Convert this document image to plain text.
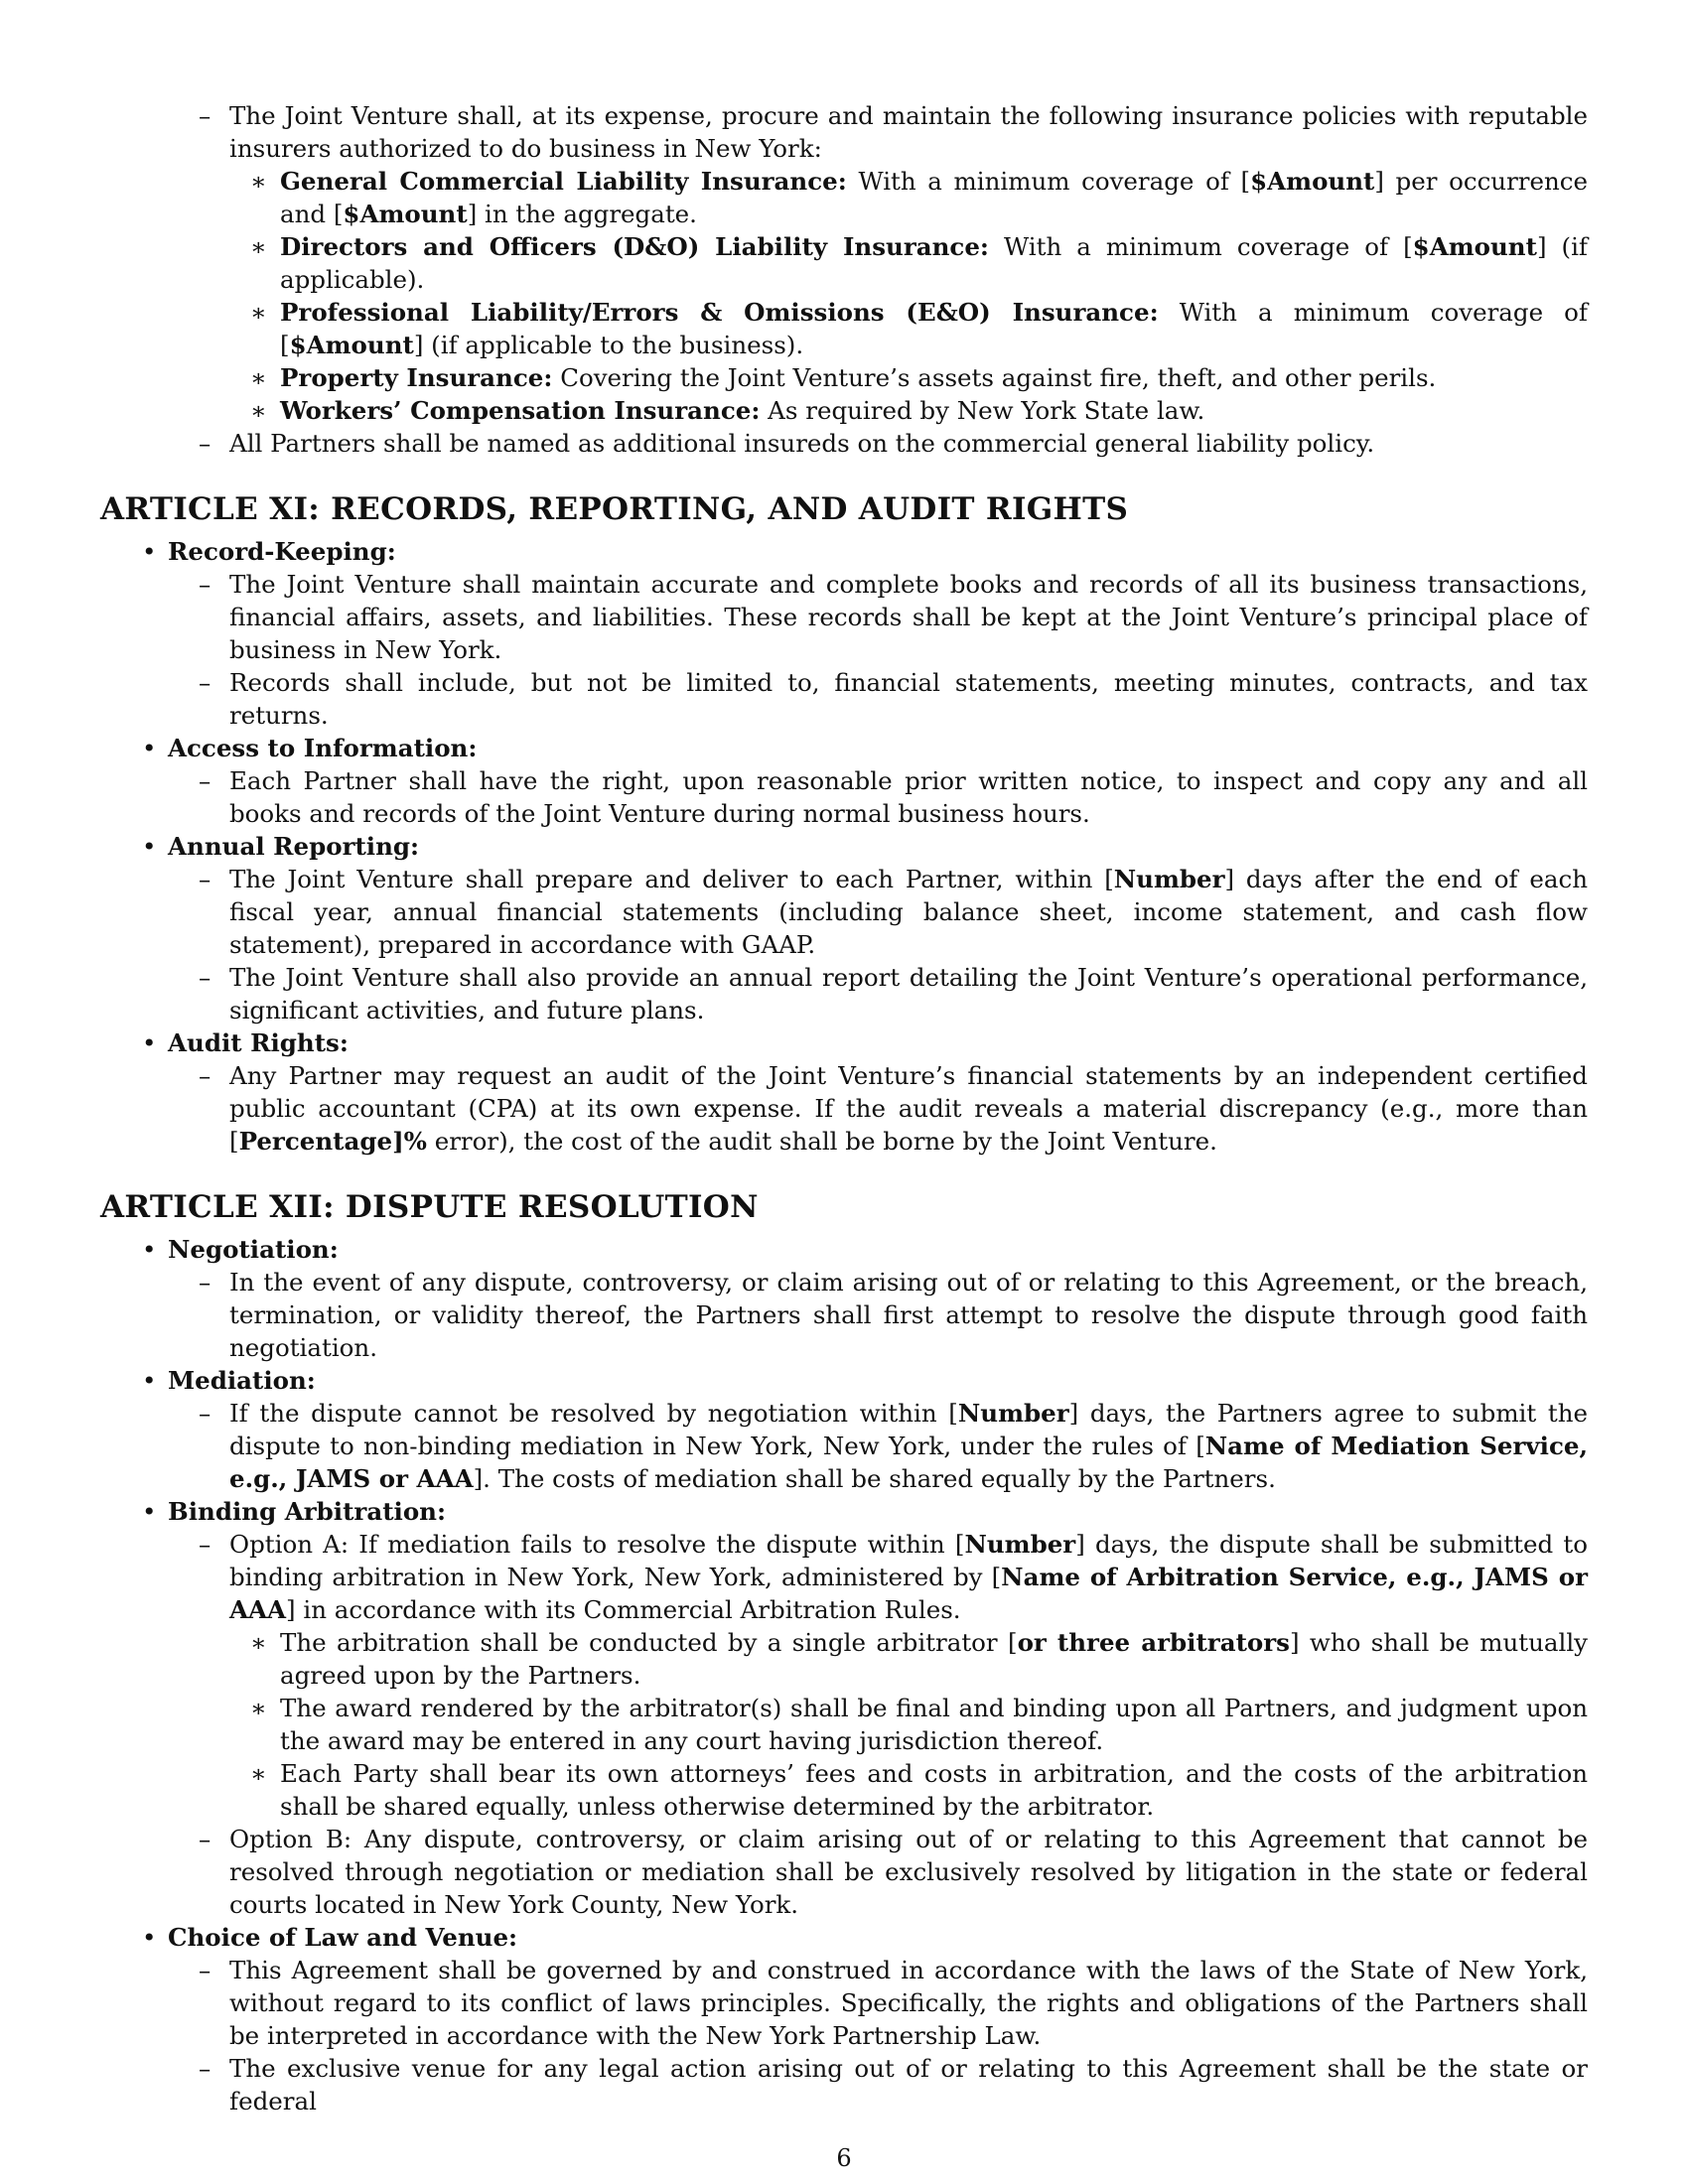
– The Joint Venture shall, at its expense, procure and maintain the following insurance policies with reputable insurers authorized to do business in New York:
∗ General Commercial Liability Insurance: With a minimum coverage of [$Amount] per occurrence and [$Amount] in the aggregate.
∗ Directors and Officers (D&O) Liability Insurance: With a minimum coverage of [$Amount] (if applicable).
∗ Professional Liability/Errors & Omissions (E&O) Insurance: With a minimum coverage of [$Amount] (if applicable to the business).
∗ Property Insurance: Covering the Joint Venture’s assets against fire, theft, and other perils.
∗ Workers’ Compensation Insurance: As required by New York State law.
– All Partners shall be named as additional insureds on the commercial general liability policy.
ARTICLE XI: RECORDS, REPORTING, AND AUDIT RIGHTS
• Record-Keeping:
– The Joint Venture shall maintain accurate and complete books and records of all its business transactions, financial affairs, assets, and liabilities. These records shall be kept at the Joint Venture’s principal place of business in New York.
– Records shall include, but not be limited to, financial statements, meeting minutes, contracts, and tax returns.
• Access to Information:
– Each Partner shall have the right, upon reasonable prior written notice, to inspect and copy any and all books and records of the Joint Venture during normal business hours.
• Annual Reporting:
– The Joint Venture shall prepare and deliver to each Partner, within [Number] days after the end of each fiscal year, annual financial statements (including balance sheet, income statement, and cash flow statement), prepared in accordance with GAAP.
– The Joint Venture shall also provide an annual report detailing the Joint Venture’s operational performance, significant activities, and future plans.
• Audit Rights:
– Any Partner may request an audit of the Joint Venture’s financial statements by an independent certified public accountant (CPA) at its own expense. If the audit reveals a material discrepancy (e.g., more than [Percentage]% error), the cost of the audit shall be borne by the Joint Venture.
ARTICLE XII: DISPUTE RESOLUTION
• Negotiation:
– In the event of any dispute, controversy, or claim arising out of or relating to this Agreement, or the breach, termination, or validity thereof, the Partners shall first attempt to resolve the dispute through good faith negotiation.
• Mediation:
– If the dispute cannot be resolved by negotiation within [Number] days, the Partners agree to submit the dispute to non-binding mediation in New York, New York, under the rules of [Name of Mediation Service, e.g., JAMS or AAA]. The costs of mediation shall be shared equally by the Partners.
• Binding Arbitration:
– Option A: If mediation fails to resolve the dispute within [Number] days, the dispute shall be submitted to binding arbitration in New York, New York, administered by [Name of Arbitration Service, e.g., JAMS or AAA] in accordance with its Commercial Arbitration Rules.
∗ The arbitration shall be conducted by a single arbitrator [or three arbitrators] who shall be mutually agreed upon by the Partners.
∗ The award rendered by the arbitrator(s) shall be final and binding upon all Partners, and judgment upon the award may be entered in any court having jurisdiction thereof.
∗ Each Party shall bear its own attorneys’ fees and costs in arbitration, and the costs of the arbitration shall be shared equally, unless otherwise determined by the arbitrator.
– Option B: Any dispute, controversy, or claim arising out of or relating to this Agreement that cannot be resolved through negotiation or mediation shall be exclusively resolved by litigation in the state or federal courts located in New York County, New York.
• Choice of Law and Venue:
– This Agreement shall be governed by and construed in accordance with the laws of the State of New York, without regard to its conflict of laws principles. Specifically, the rights and obligations of the Partners shall be interpreted in accordance with the New York Partnership Law.
– The exclusive venue for any legal action arising out of or relating to this Agreement shall be the state or federal
6
